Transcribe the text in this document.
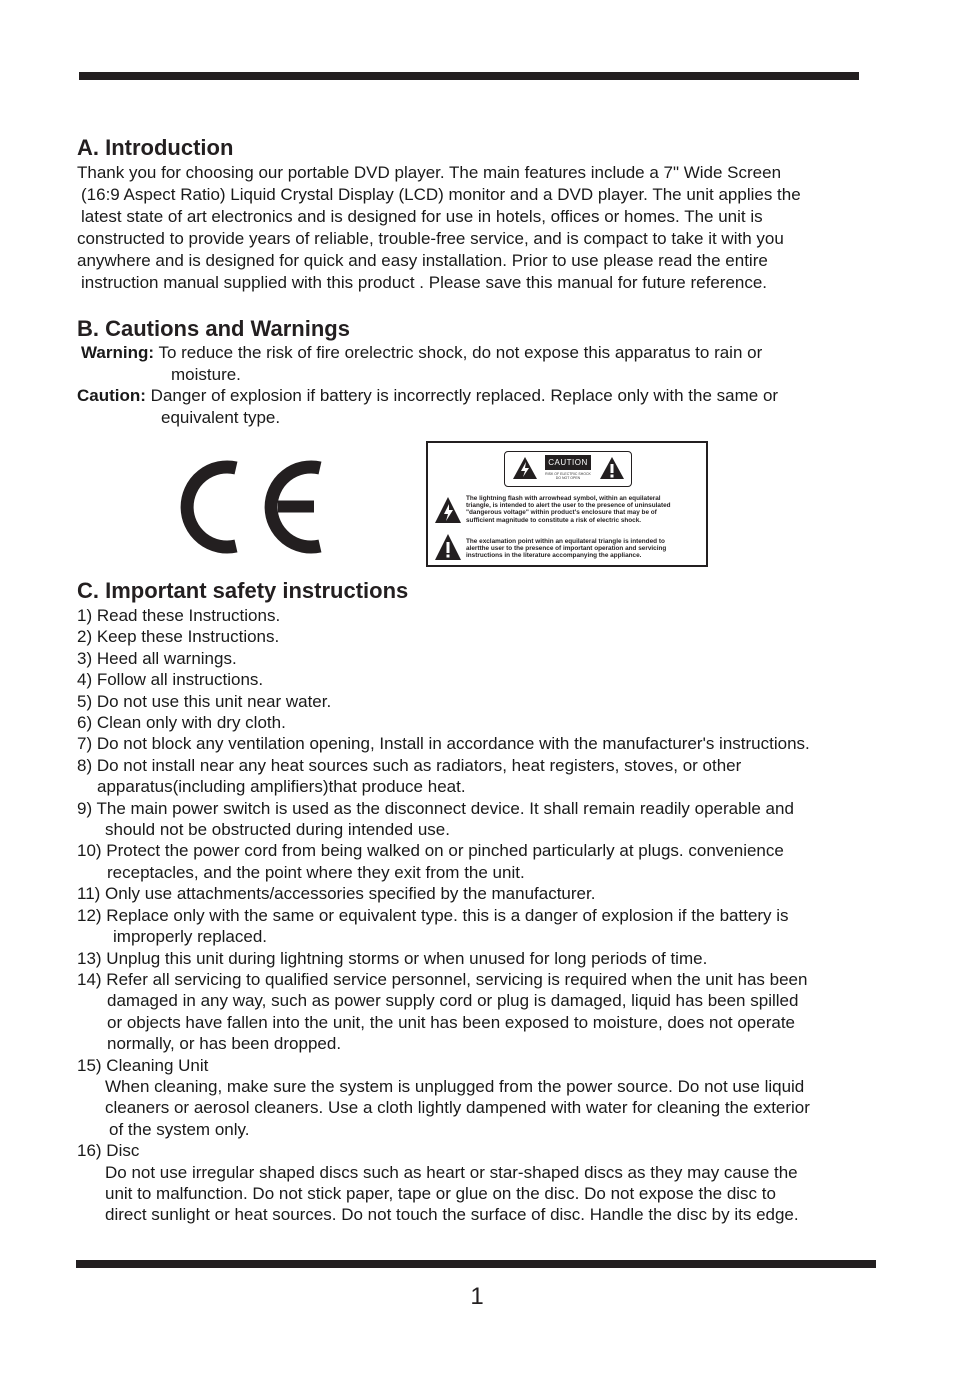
A. Introduction
Thank you for choosing our portable DVD player. The main features include a 7" Wide Screen
(16:9 Aspect Ratio) Liquid Crystal Display (LCD) monitor and a DVD player. The unit applies the
latest state of art electronics and is designed for use in hotels, offices or homes. The unit is
constructed to provide years of reliable, trouble-free service, and is compact to take it with you
anywhere and is designed for quick and easy installation. Prior to use please read the entire
instruction manual supplied with this product . Please save this manual for future reference.
B. Cautions and Warnings
Warning: To reduce the risk of fire orelectric shock, do not expose this apparatus to rain or
moisture.
Caution: Danger of explosion if battery is incorrectly replaced. Replace only with the same or
equivalent type.
CAUTION
RISK OF ELECTRIC SHOCK DO NOT OPEN
The lightning flash with arrowhead symbol, within an equilateral
triangle, is intended to alert the user to the presence of uninsulated
"dangerous voltage" within product's enclosure that may be of
sufficient magnitude to constitute a risk of electric shock.
The exclamation point within an equilateral triangle is intended to
alertthe user to the presence of important operation and servicing
instructions in the literature accompanying the appliance.
C. Important safety instructions
1) Read these Instructions.
2) Keep these Instructions.
3) Heed all warnings.
4) Follow all instructions.
5) Do not use this unit near water.
6) Clean only with dry cloth.
7) Do not block any ventilation opening, Install in accordance with the manufacturer's instructions.
8) Do not install near any heat sources such as radiators, heat registers, stoves, or other
apparatus(including amplifiers)that produce heat.
9) The main power switch is used as the disconnect device. It shall remain readily operable and
should not be obstructed during intended use.
10) Protect the power cord from being walked on or pinched particularly at plugs. convenience
receptacles, and the point where they exit from the unit.
11) Only use attachments/accessories specified by the manufacturer.
12) Replace only with the same or equivalent type. this is a danger of explosion if the battery is
improperly replaced.
13) Unplug this unit during lightning storms or when unused for long periods of time.
14) Refer all servicing to qualified service personnel, servicing is required when the unit has been
damaged in any way, such as power supply cord or plug is damaged, liquid has been spilled
or objects have fallen into the unit, the unit has been exposed to moisture, does not operate
normally, or has been dropped.
15) Cleaning Unit
When cleaning, make sure the system is unplugged from the power source. Do not use liquid
cleaners or aerosol cleaners. Use a cloth lightly dampened with water for cleaning the exterior
of the system only.
16) Disc
Do not use irregular shaped discs such as heart or star-shaped discs as they may cause the
unit to malfunction. Do not stick paper, tape or glue on the disc. Do not expose the disc to
direct sunlight or heat sources. Do not touch the surface of disc. Handle the disc by its edge.
1
